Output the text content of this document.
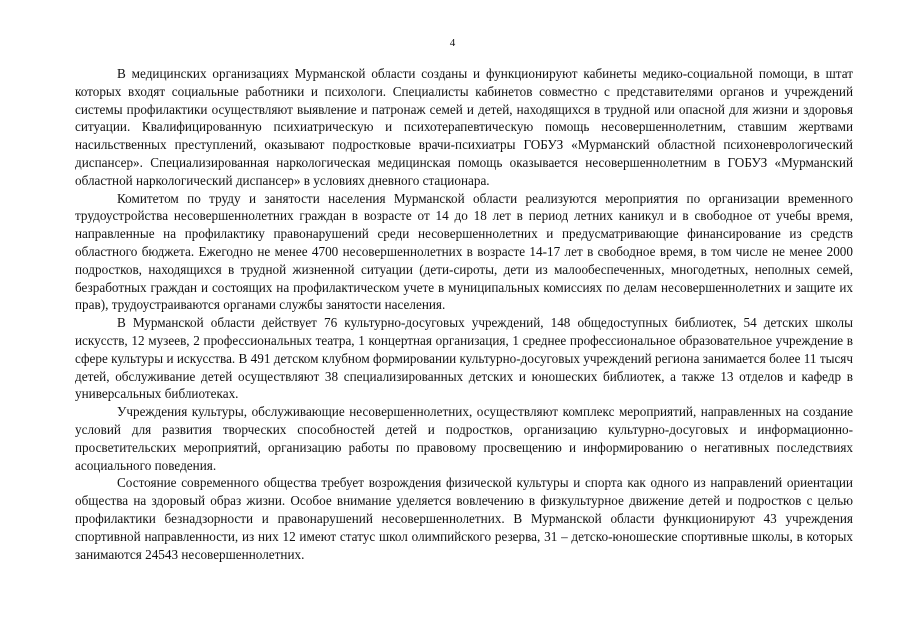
4

В медицинских организациях Мурманской области созданы и функционируют кабинеты медико-социальной помощи, в штат которых входят социальные работники и психологи. Специалисты кабинетов совместно с представителями органов и учреждений системы профилактики осуществляют выявление и патронаж семей и детей, находящихся в трудной или опасной для жизни и здоровья ситуации. Квалифицированную психиатрическую и психотерапевтическую помощь несовершеннолетним, ставшим жертвами насильственных преступлений, оказывают подростковые врачи-психиатры ГОБУЗ «Мурманский областной психоневрологический диспансер». Специализированная наркологическая медицинская помощь оказывается несовершеннолетним в ГОБУЗ «Мурманский областной наркологический диспансер» в условиях дневного стационара.

Комитетом по труду и занятости населения Мурманской области реализуются мероприятия по организации временного трудоустройства несовершеннолетних граждан в возрасте от 14 до 18 лет в период летних каникул и в свободное от учебы время, направленные на профилактику правонарушений среди несовершеннолетних и предусматривающие финансирование из средств областного бюджета. Ежегодно не менее 4700 несовершеннолетних в возрасте 14-17 лет в свободное время, в том числе не менее 2000 подростков, находящихся в трудной жизненной ситуации (дети-сироты, дети из малообеспеченных, многодетных, неполных семей, безработных граждан и состоящих на профилактическом учете в муниципальных комиссиях по делам несовершеннолетних и защите их прав), трудоустраиваются органами службы занятости населения.

В Мурманской области действует 76 культурно-досуговых учреждений, 148 общедоступных библиотек, 54 детских школы искусств, 12 музеев, 2 профессиональных театра, 1 концертная организация, 1 среднее профессиональное образовательное учреждение в сфере культуры и искусства. В 491 детском клубном формировании культурно-досуговых учреждений региона занимается более 11 тысяч детей, обслуживание детей осуществляют 38 специализированных детских и юношеских библиотек, а также 13 отделов и кафедр в универсальных библиотеках.

Учреждения культуры, обслуживающие несовершеннолетних, осуществляют комплекс мероприятий, направленных на создание условий для развития творческих способностей детей и подростков, организацию культурно-досуговых и информационно-просветительских мероприятий, организацию работы по правовому просвещению и информированию о негативных последствиях асоциального поведения.

Состояние современного общества требует возрождения физической культуры и спорта как одного из направлений ориентации общества на здоровый образ жизни. Особое внимание уделяется вовлечению в физкультурное движение детей и подростков с целью профилактики безнадзорности и правонарушений несовершеннолетних. В Мурманской области функционируют 43 учреждения спортивной направленности, из них 12 имеют статус школ олимпийского резерва, 31 – детско-юношеские спортивные школы, в которых занимаются 24543 несовершеннолетних.
